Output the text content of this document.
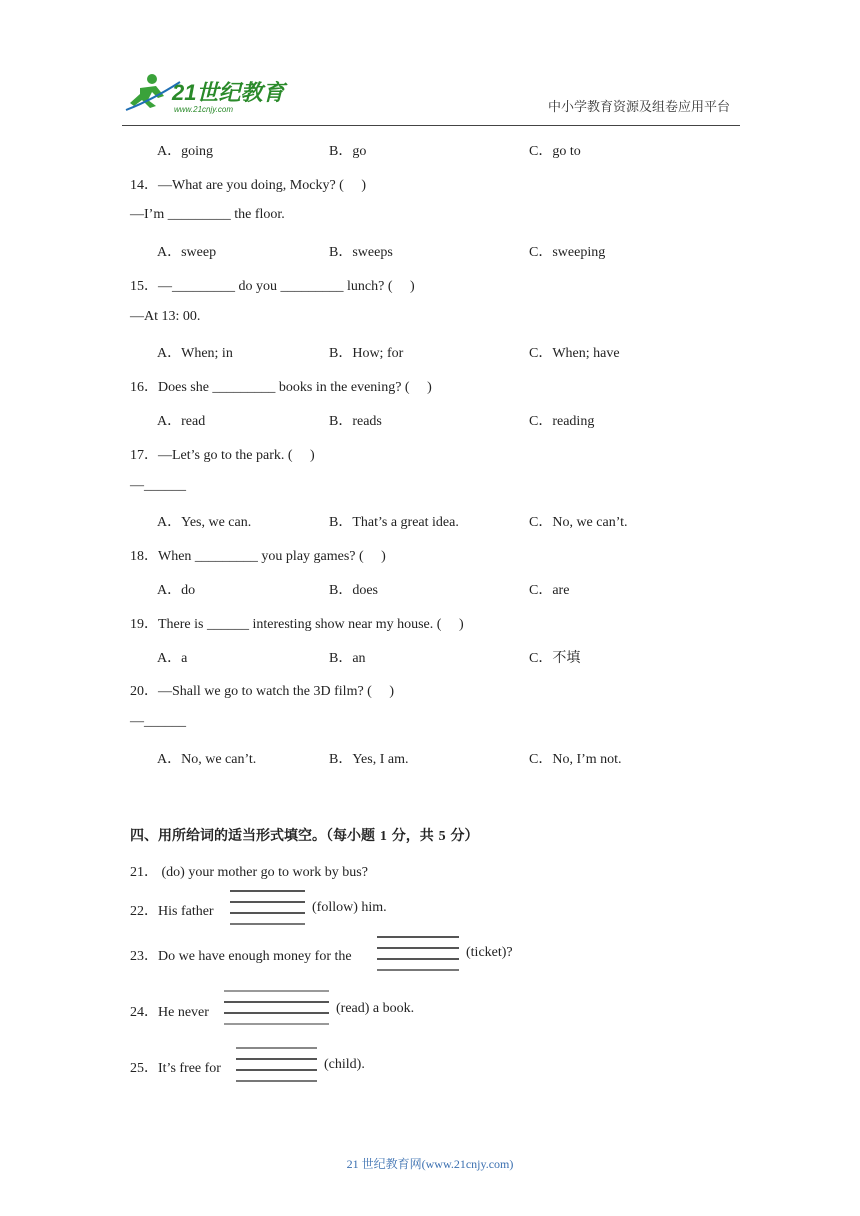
21世纪教育
www.21cnjy.com	中小学教育资源及组卷应用平台
A．going	B．go	C．go to
14．—What are you doing, Mocky? (　 )
—I’m _________ the floor.
A．sweep	B．sweeps	C．sweeping
15．—_________ do you _________ lunch? (　 )
—At 13: 00.
A．When; in	B．How; for	C．When; have
16．Does she _________ books in the evening? (　 )
A．read	B．reads	C．reading
17．—Let’s go to the park. (　 )
—______
A．Yes, we can.	B．That’s a great idea.	C．No, we can’t.
18．When _________ you play games? (　 )
A．do	B．does	C．are
19．There is ______ interesting show near my house. (　 )
A．a	B．an	C．不填
20．—Shall we go to watch the 3D film? (　 )
—______
A．No, we can’t.	B．Yes, I am.	C．No, I’m not.
四、用所给词的适当形式填空。（每小题 1 分，共 5 分）
21． (do) your mother go to work by bus?
22．His father	(follow) him.
23．Do we have enough money for the	(ticket)?
24．He never	(read) a book.
25．It’s free for	(child).
21 世纪教育网(www.21cnjy.com)
